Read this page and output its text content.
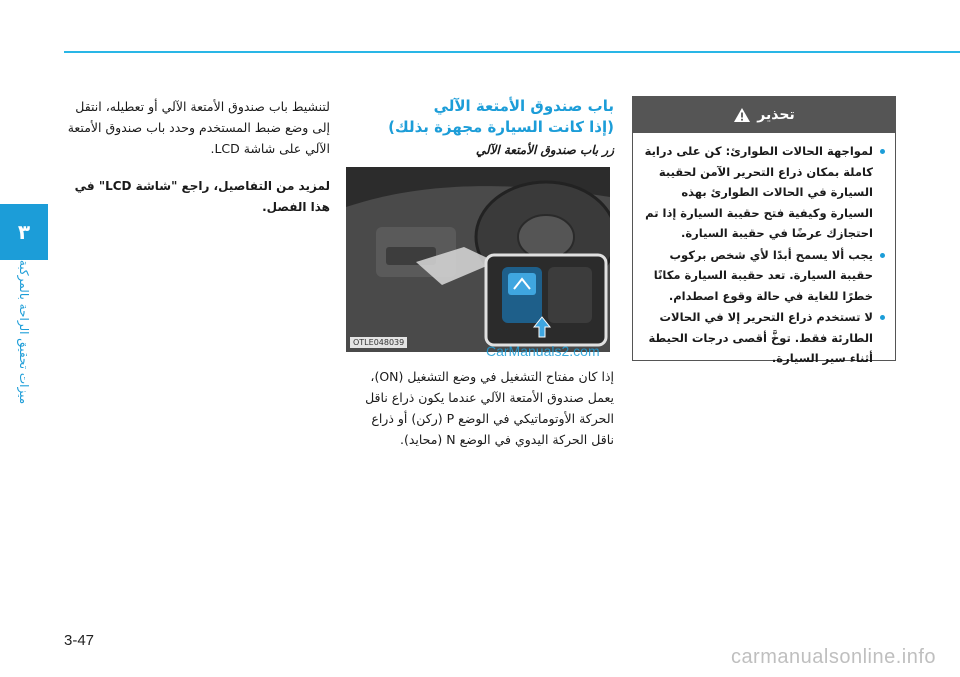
٣
ميزات تحقيق الراحة بالمركبة
تحذير
لمواجهة الحالات الطوارئ: كن على دراية كاملة بمكان ذراع التحرير الآمن لحقيبة السيارة في الحالات الطوارئ بهذه السيارة وكيفية فتح حقيبة السيارة إذا تم احتجازك عرضًا في حقيبة السيارة.
يجب ألا يسمح أبدًا لأي شخص بركوب حقيبة السيارة. تعد حقيبة السيارة مكانًا خطرًا للغاية في حالة وقوع اصطدام.
لا تستخدم ذراع التحرير إلا في الحالات الطارئة فقط. توخَّ أقصى درجات الحيطة أثناء سير السيارة.
باب صندوق الأمتعة الآلي
(إذا كانت السيارة مجهزة بذلك)
زر باب صندوق الأمتعة الآلي
OTLE048039
CarManuals2.com
إذا كان مفتاح التشغيل في وضع التشغيل (ON)، يعمل صندوق الأمتعة الآلي عندما يكون ذراع ناقل الحركة الأوتوماتيكي في الوضع P (ركن) أو ذراع ناقل الحركة اليدوي في الوضع N (محايد).
لتنشيط باب صندوق الأمتعة الآلي أو تعطيله، انتقل إلى وضع ضبط المستخدم وحدد باب صندوق الأمتعة الآلي على شاشة LCD.
لمزيد من التفاصيل، راجع "شاشة LCD" في هذا الفصل.
3-47
carmanualsonline.info
